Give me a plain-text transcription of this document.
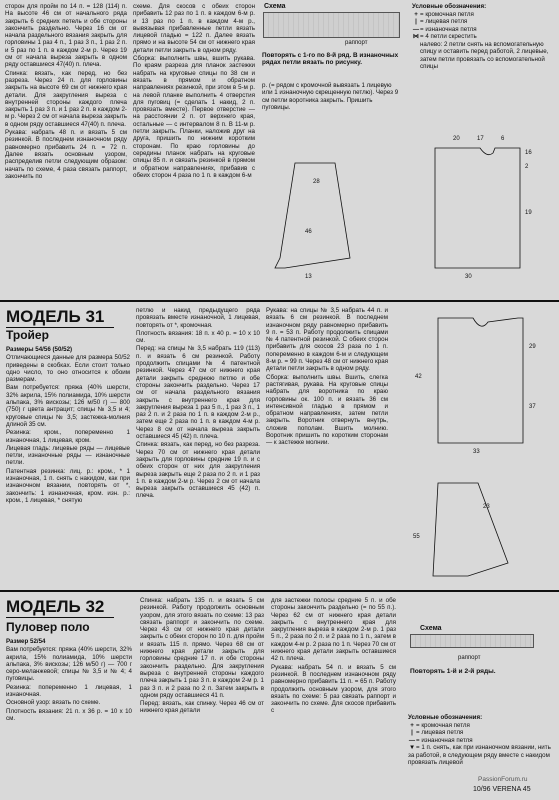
сторон для пройм по 14 п. = 128 (114) п. На высоте 46 см от начального ряда закрыть 6 средних петель и обе стороны закончить раздельно. Через 16 см от начала раздельного вязания закрыть для горловины 1 раз 4 п., 1 раз 3 п., 1 раз 2 п. и 5 раз по 1 п. в каждом 2-м р. Через 19 см от начала выреза закрыть в одном ряду оставшиеся 47(40) п. плеча.

Спинка: вязать, как перед, но без разреза. Через 24 п. для горловины закрыть на высоте 69 см от нижнего края детали. Для закругления выреза с внутренней стороны каждого плеча закрыть 1 раз 3 п. и 1 раз 2 п. в каждом 2-м р. Через 2 см от начала выреза закрыть в одном ряду оставшиеся 47(40) п. плеча.

Рукава: набрать 48 п. и вязать 5 см резинкой. В последнем изнаночном ряду равномерно прибавить 24 п. = 72 п. Далее вязать основным узором, распределив петли следующим образом: начать по схеме, 4 раза связать раппорт, закончить по

схеме. Для скосов с обеих сторон прибавить 12 раз по 1 п. в каждом 6-м р. и 13 раз по 1 п. в каждом 4-м р., вывязывая прибавленные петли вязать лицевой гладью = 122 п. Далее вязать прямо и на высоте 54 см от нижнего края детали петли закрыть в одном ряду.

Сборка: выполнить швы, вшить рукава. По краям разреза для планок застежки набрать на круговые спицы по 38 см и вязать в прямом и обратном направлениях резинкой, при этом в 5-м р. на левой планке выполнить 4 отверстия для пуговиц (= сделать 1 накид, 2 п. провязать вместе). Первое отверстие — на расстоянии 2 п. от верхнего края, остальные — с интервалом 8 п. В 11-м р. петли закрыть. Планки, наложив друг на друга, пришить по нижним коротким сторонам. По краю горловины до середины планок набрать на круговые спицы 85 п. и связать резинкой в прямом и обратном направлениях, прибавив с обеих сторон 4 раза по 1 п. в каждом 6-м

Схема
раппорт
Повторять с 1-го по 8-й ряд. В изнаночных рядах петли вязать по рисунку.
р. (= рядом с кромочной вывязать 1 лицевую или 1 изнаночную скрещенную петлю). Через 9 см петли воротника закрыть. Пришить пуговицы.
Условные обозначения:
+ = кромочная петля
| = лицевая петля
—= изнаночная петля
⋈= 4 петли скрестить
налево: 2 петли снять на вспомогательную спицу и оставить перед работой, 2 лицевые, затем петли провязать со вспомогательной спицы
20	17	6
16
2
19
28
46
30
13
МОДЕЛЬ 31
Тройер

Размеры 54/56 (50/52)

Отличающиеся данные для размера 50/52 приведены в скобках. Если стоит только одно число, то оно относится к обоим размерам.

Вам потребуется: пряжа (40% шерсти, 32% акрила, 15% полиамида, 10% шерсти альпака, 3% вискозы; 126 м/50 г) — 800 (750) г цвета антрацит; спицы № 3,5 и 4; круговые спицы № 3,5; застежка-молния длиной 35 см.

Резинка: кром., попеременно 1 изнаночная, 1 лицевая, кром.

Лицевая гладь: лицевые ряды — лицевые петли, изнаночные ряды — изнаночные петли.

Патентная резинка: лиц. р.: кром., * 1 изнаночная, 1 п. снять с накидом, как при изнаночном вязании, повторять от *, закончить: 1 изнаночная, кром. изн. р.: кром., 1 лицевая, * снятую

петлю и накид предыдущего ряда провязать вместе изнаночной, 1 лицевая, повторять от *, кромочная.

Плотность вязания: 18 п. х 40 р. = 10 х 10 см.

Перед: на спицы № 3,5 набрать 119 (113) п. и вязать 6 см резинкой. Работу продолжить спицами № 4 патентной резинкой. Через 47 см от нижнего края детали закрыть среднюю петлю и обе стороны закончить раздельно. Через 17 см от начала раздельного вязания закрыть с внутреннего края для закругления выреза 1 раз 5 п., 1 раз 3 п., 1 раз 2 п. и 2 раза по 1 п. в каждом 2-м р., затем еще 2 раза по 1 п. в каждом 4-м р. Через 8 см от начала выреза закрыть оставшиеся 45 (42) п. плеча.

Спинка: вязать, как перед, но без разреза. Через 70 см от нижнего края детали закрыть для горловины средние 19 п. и с обеих сторон от них для закругления выреза закрыть еще 2 раза по 2 п. и 1 раз 1 п. в каждом 2-м р. Через 2 см от начала выреза закрыть оставшиеся 45 (42) п. плеча.

Рукава: на спицы № 3,5 набрать 44 п. и вязать 6 см резинкой. В последнем изнаночном ряду равномерно прибавить 9 п. = 53 п. Работу продолжить спицами № 4 патентной резинкой. С обеих сторон прибавить для скосов 23 раза по 1 п. попеременно в каждом 6-м и следующем 8-м р. = 99 п. Через 48 см от нижнего края детали петли закрыть в одном ряду.

Сборка: выполнить швы. Вшить, слегка растягивая, рукава. На круговые спицы набрать для воротника по краю горловины ок. 100 п. и вязать 36 см интенсивной гладью в прямом и обратном направлениях, затем петли закрыть. Воротник отвернуть внутрь, сложив пополам. Вшить молнию. Воротник пришить по коротким сторонам — к застежке молнии.

29
37
42
33
23
55
МОДЕЛЬ 32
Пуловер поло

Размер 52/54

Вам потребуется: пряжа (40% шерсти, 32% акрила, 15% полиамида, 10% шерсти альпака, 3% вискозы; 126 м/50 г) — 700 г серо-меланжевой; спицы № 3,5 и № 4; 4 пуговицы.

Резинка: попеременно 1 лицевая, 1 изнаночная.

Основной узор: вязать по схеме.

Плотность вязания: 21 п. х 36 р. = 10 х 10 см.

Спинка: набрать 135 п. и вязать 5 см резинкой. Работу продолжить основным узором, для этого вязать по схеме: 13 раз связать раппорт и закончить по схеме. Через 43 см от нижнего края детали закрыть с обеих сторон по 10 п. для пройм и вязать 115 п. прямо. Через 68 см от нижнего края детали закрыть для горловины средние 17 п. и обе стороны закончить раздельно. Для закругления выреза с внутренней стороны каждого плеча закрыть 1 раз 3 п. в каждом 2-м р. 1 раз 3 п. и 2 раза по 2 п. Затем закрыть в одном ряду оставшиеся 41 п.

Перед: вязать, как спинку. Через 46 см от нижнего края детали

для застежки полосы средние 5 п. и обе стороны закончить раздельно (= по 55 п.). Через 62 см от нижнего края детали закрыть с внутреннего края для закругления выреза в каждом 2-м р. 1 раз 5 п., 2 раза по 2 п. и 2 раза по 1 п., затем в каждом 4-м р. 2 раза по 1 п. Через 70 см от нижнего края детали закрыть оставшиеся 42 п. плеча.

Рукава: набрать 54 п. и вязать 5 см резинкой. В последнем изнаночном ряду равномерно прибавить 11 п. = 65 п. Работу продолжить основным узором, для этого вязать по схеме: 5 раз связать раппорт и закончить по схеме. Для скосов прибавить с

Схема
раппорт
Повторять 1-й и 2-й ряды.
Условные обозначения:
+ = кромочная петля
| = лицевая петля
—= изнаночная петля
▼= 1 п. снять, как при изнаночном вязании, нить за работой, в следующем ряду вместе с накидом провязать лицевой
10/96 VERENA 45
PassionForum.ru
